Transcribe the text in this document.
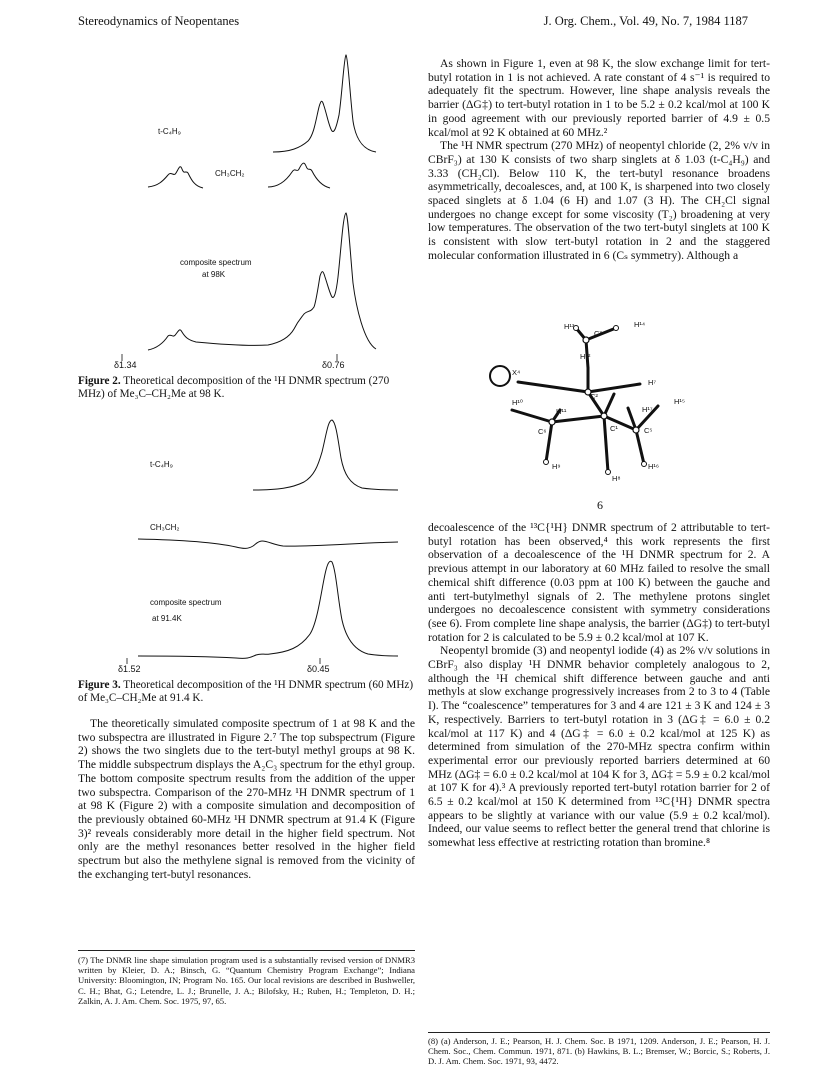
Stereodynamics of Neopentanes	J. Org. Chem., Vol. 49, No. 7, 1984 1187
t-C₄H₉
CH₃CH₂
composite spectrum
at 98K
δ1.34	δ0.76
Figure 2. Theoretical decomposition of the ¹H DNMR spectrum (270 MHz) of Me₃C–CH₂Me at 98 K.
t-C₄H₉
CH₃CH₂
composite spectrum
at 91.4K
δ1.52	δ0.45
Figure 3. Theoretical decomposition of the ¹H DNMR spectrum (60 MHz) of Me₃C–CH₂Me at 91.4 K.

The theoretically simulated composite spectrum of 1 at 98 K and the two subspectra are illustrated in Figure 2.⁷ The top subspectrum (Figure 2) shows the two singlets due to the tert-butyl methyl groups at 98 K. The middle subspectrum displays the A₂C₃ spectrum for the ethyl group. The bottom composite spectrum results from the addition of the upper two subspectra. Comparison of the 270-MHz ¹H DNMR spectrum of 1 at 98 K (Figure 2) with a composite simulation and decomposition of the previously obtained 60-MHz ¹H DNMR spectrum at 91.4 K (Figure 3)² reveals considerably more detail in the higher field spectrum. Not only are the methyl resonances better resolved in the higher field spectrum but also the methylene signal is removed from the vicinity of the exchanging tert-butyl resonances.

(7) The DNMR line shape simulation program used is a substantially revised version of DNMR3 written by Kleier, D. A.; Binsch, G. “Quantum Chemistry Program Exchange”; Indiana University: Bloomington, IN; Program No. 165. Our local revisions are described in Bushweller, C. H.; Bhat, G.; Letendre, L. J.; Brunelle, J. A.; Bilofsky, H.; Ruben, H.; Templeton, D. H.; Zalkin, A. J. Am. Chem. Soc. 1975, 97, 65.

As shown in Figure 1, even at 98 K, the slow exchange limit for tert-butyl rotation in 1 is not achieved. A rate constant of 4 s⁻¹ is required to adequately fit the spectrum. However, line shape analysis reveals the barrier (ΔG‡) to tert-butyl rotation in 1 to be 5.2 ± 0.2 kcal/mol at 100 K in good agreement with our previously reported barrier of 4.9 ± 0.5 kcal/mol at 92 K obtained at 60 MHz.²

The ¹H NMR spectrum (270 MHz) of neopentyl chloride (2, 2% v/v in CBrF₃) at 130 K consists of two sharp singlets at δ 1.03 (t-C₄H₉) and 3.33 (CH₂Cl). Below 110 K, the tert-butyl resonance broadens asymmetrically, decoalesces, and, at 100 K, is sharpened into two closely spaced singlets at δ 1.04 (6 H) and 1.07 (3 H). The CH₂Cl signal undergoes no change except for some viscosity (T₂) broadening at very low temperatures. The observation of the two tert-butyl singlets at 100 K is consistent with slow tert-butyl rotation in 2 and the staggered molecular conformation illustrated in 6 (Cₛ symmetry). Although a

H¹³
C³
H¹⁴
H¹²
X⁴
C²
H⁷
H¹⁰
H¹¹	H¹⁷
H¹⁵
C⁶	C¹	C⁵
H⁹	H¹⁶
H⁸
6

decoalescence of the ¹³C{¹H} DNMR spectrum of 2 attributable to tert-butyl rotation has been observed,⁴ this work represents the first observation of a decoalescence of the ¹H DNMR spectrum for 2. A previous attempt in our laboratory at 60 MHz failed to resolve the small chemical shift difference (0.03 ppm at 100 K) between the gauche and anti tert-butylmethyl signals of 2. The methylene protons singlet undergoes no decoalescence consistent with symmetry considerations (see 6). From complete line shape analysis, the barrier (ΔG‡) to tert-butyl rotation for 2 is calculated to be 5.9 ± 0.2 kcal/mol at 107 K.

Neopentyl bromide (3) and neopentyl iodide (4) as 2% v/v solutions in CBrF₃ also display ¹H DNMR behavior completely analogous to 2, although the ¹H chemical shift difference between gauche and anti methyls at slow exchange progressively increases from 2 to 3 to 4 (Table I). The “coalescence” temperatures for 3 and 4 are 121 ± 3 K and 124 ± 3 K, respectively. Barriers to tert-butyl rotation in 3 (ΔG‡ = 6.0 ± 0.2 kcal/mol at 117 K) and 4 (ΔG‡ = 6.0 ± 0.2 kcal/mol at 125 K) as determined from simulation of the 270-MHz spectra confirm within experimental error our previously reported barriers determined at 60 MHz (ΔG‡ = 6.0 ± 0.2 kcal/mol at 104 K for 3, ΔG‡ = 5.9 ± 0.2 kcal/mol at 107 K for 4).³ A previously reported tert-butyl rotation barrier for 2 of 6.5 ± 0.2 kcal/mol at 150 K determined from ¹³C{¹H} DNMR spectra appears to be slightly at variance with our value (5.9 ± 0.2 kcal/mol). Indeed, our value seems to reflect better the general trend that chlorine is somewhat less effective at restricting rotation than bromine.⁸

(8) (a) Anderson, J. E.; Pearson, H. J. Chem. Soc. B 1971, 1209. Anderson, J. E.; Pearson, H. J. Chem. Soc., Chem. Commun. 1971, 871. (b) Hawkins, B. L.; Bremser, W.; Borcic, S.; Roberts, J. D. J. Am. Chem. Soc. 1971, 93, 4472.
